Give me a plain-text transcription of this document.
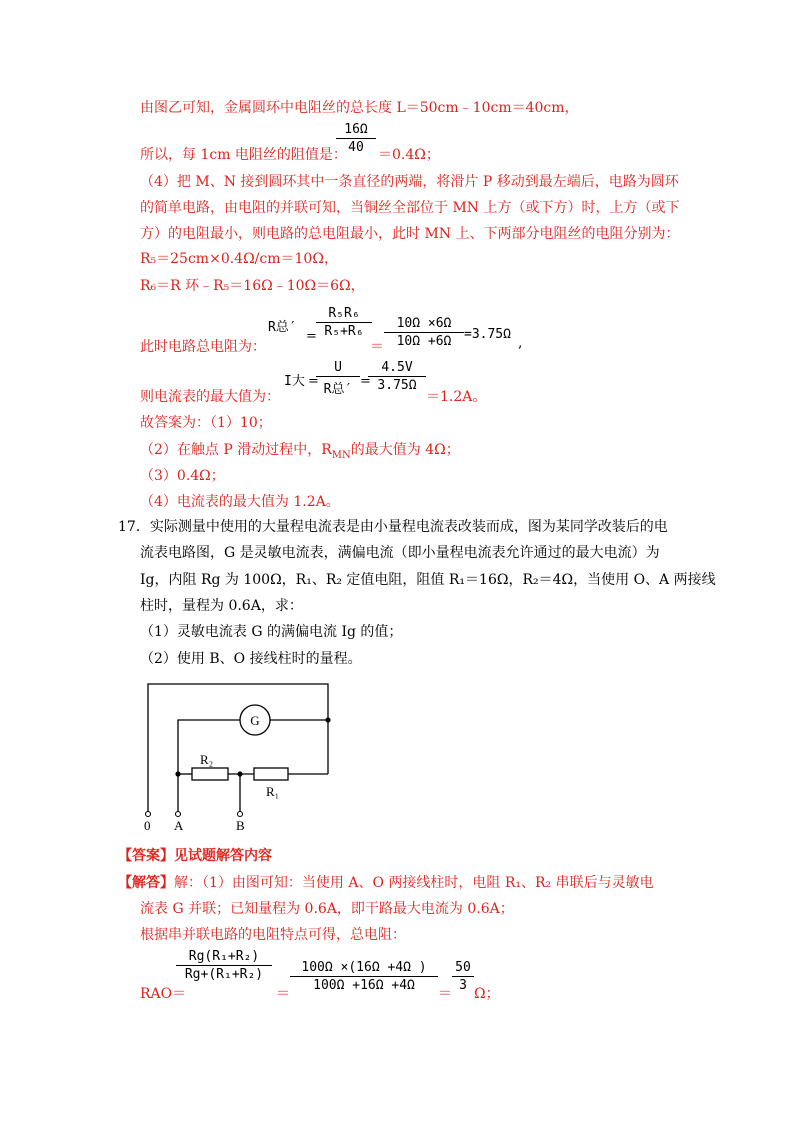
由图乙可知，金属圆环中电阻丝的总长度 L＝50cm﹣10cm＝40cm，
所以，每 1cm 电阻丝的阻值是：
16Ω
40	＝0.4Ω；
（4）把 M、N 接到圆环其中一条直径的两端，将滑片 P 移动到最左端后，电路为圆环
的简单电路，由电阻的并联可知，当铜丝全部位于 MN 上方（或下方）时，上方（或下
方）的电阻最小，则电路的总电阻最小，此时 MN 上、下两部分电阻丝的电阻分别为：
R₅＝25cm×0.4Ω/cm＝10Ω，
R₆＝R 环﹣R₅＝16Ω﹣10Ω＝6Ω，
此时电路总电阻为：
R总′
=
R₅R₆
R₅+R₆
＝
10Ω ×6Ω
10Ω +6Ω =3.75Ω
,
则电流表的最大值为：
I大 =
U
R总′
=
4.5V
3.75Ω
＝1.2A。
故答案为：（1）10；
（2）在触点 P 滑动过程中，$R_{MN}$的最大值为 4Ω；
（3）0.4Ω；
（4）电流表的最大值为 1.2A。
17．实际测量中使用的大量程电流表是由小量程电流表改装而成，图为某同学改装后的电
流表电路图，G 是灵敏电流表，满偏电流（即小量程电流表允许通过的最大电流）为
Ig，内阻 Rg 为 100Ω，R₁、R₂ 定值电阻，阻值 R₁＝16Ω，R₂＝4Ω，当使用 O、A 两接线
柱时，量程为 0.6A，求：
（1）灵敏电流表 G 的满偏电流 Ig 的值；
（2）使用 B、O 接线柱时的量程。
G
R₂
R₁
0 A	B
【答案】见试题解答内容
【解答】解：（1）由图可知：当使用 A、O 两接线柱时，电阻 R₁、R₂ 串联后与灵敏电
流表 G 并联；已知量程为 0.6A，即干路最大电流为 0.6A；
根据串并联电路的电阻特点可得，总电阻：
RAO＝
Rg(R₁+R₂)
Rg+(R₁+R₂)
＝
100Ω ×(16Ω +4Ω )
100Ω +16Ω +4Ω
＝
50
3
Ω；
